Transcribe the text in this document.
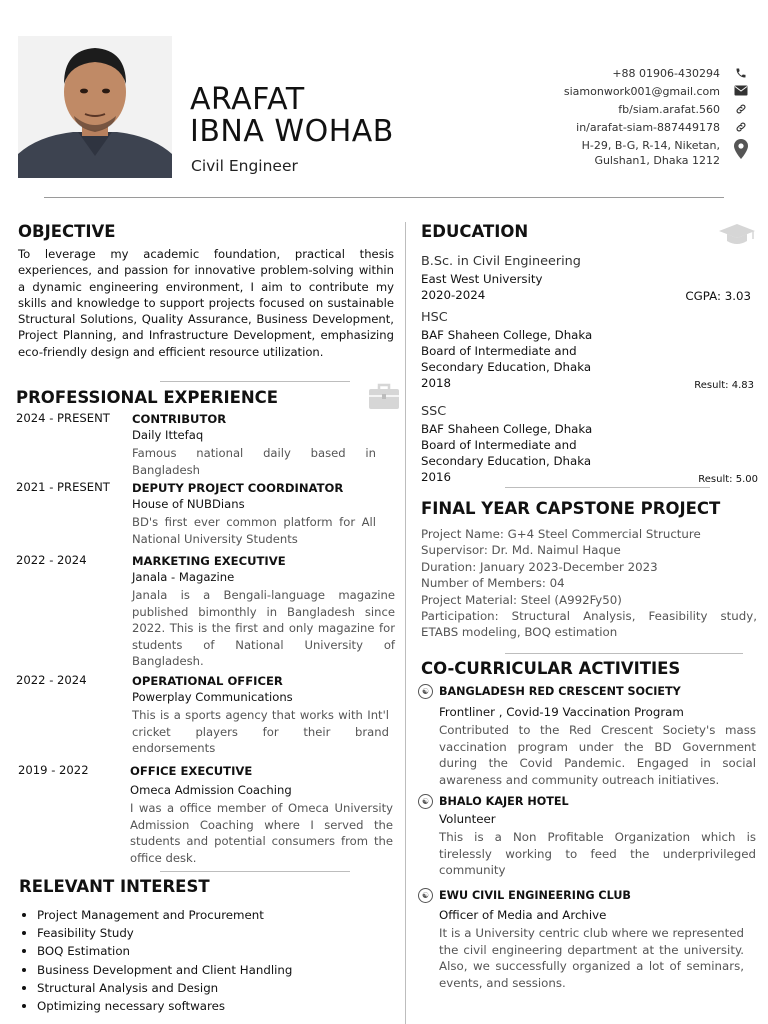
ARAFAT
IBNA WOHAB
Civil Engineer
+88 01906-430294
siamonwork001@gmail.com
fb/siam.arafat.560
in/arafat-siam-887449178
H-29, B-G, R-14, Niketan,
Gulshan1, Dhaka 1212
OBJECTIVE
To leverage my academic foundation, practical thesis experiences, and passion for innovative problem-solving within a dynamic engineering environment, I aim to contribute my skills and knowledge to support projects focused on sustainable Structural Solutions, Quality Assurance, Business Development, Project Planning, and Infrastructure Development, emphasizing eco-friendly design and efficient resource utilization.
PROFESSIONAL EXPERIENCE
2024 - PRESENT CONTRIBUTOR
Daily Ittefaq
Famous national daily based in Bangladesh
2021 - PRESENT DEPUTY PROJECT COORDINATOR
House of NUBDians
BD's first ever common platform for All National University Students
2022 - 2024	MARKETING EXECUTIVE
Janala - Magazine
Janala is a Bengali-language magazine published bimonthly in Bangladesh since 2022. This is the first and only magazine for students of National University of Bangladesh.
2022 - 2024	OPERATIONAL OFFICER
Powerplay Communications
This is a sports agency that works with Int'l cricket players for their brand endorsements
2019 - 2022	OFFICE EXECUTIVE
Omeca Admission Coaching
I was a office member of Omeca University Admission Coaching where I served the students and potential consumers from the office desk.
RELEVANT INTEREST
Project Management and Procurement
Feasibility Study
BOQ Estimation
Business Development and Client Handling
Structural Analysis and Design
Optimizing necessary softwares
EDUCATION
B.Sc. in Civil Engineering
East West University
2020-2024	CGPA: 3.03
HSC
BAF Shaheen College, Dhaka
Board of Intermediate and
Secondary Education, Dhaka
2018	Result: 4.83
SSC
BAF Shaheen College, Dhaka
Board of Intermediate and
Secondary Education, Dhaka
2016	Result: 5.00
FINAL YEAR CAPSTONE PROJECT
Project Name: G+4 Steel Commercial Structure
Supervisor: Dr. Md. Naimul Haque
Duration: January 2023-December 2023
Number of Members: 04
Project Material: Steel (A992Fy50)
Participation: Structural Analysis, Feasibility study, ETABS modeling, BOQ estimation
CO-CURRICULAR ACTIVITIES
☯ BANGLADESH RED CRESCENT SOCIETY
Frontliner , Covid-19 Vaccination Program
Contributed to the Red Crescent Society's mass vaccination program under the BD Government during the Covid Pandemic. Engaged in social awareness and community outreach initiatives.
☯ BHALO KAJER HOTEL
Volunteer
This is a Non Profitable Organization which is tirelessly working to feed the underprivileged community
☯ EWU CIVIL ENGINEERING CLUB
Officer of Media and Archive
It is a University centric club where we represented the civil engineering department at the university. Also, we successfully organized a lot of seminars, events, and sessions.
